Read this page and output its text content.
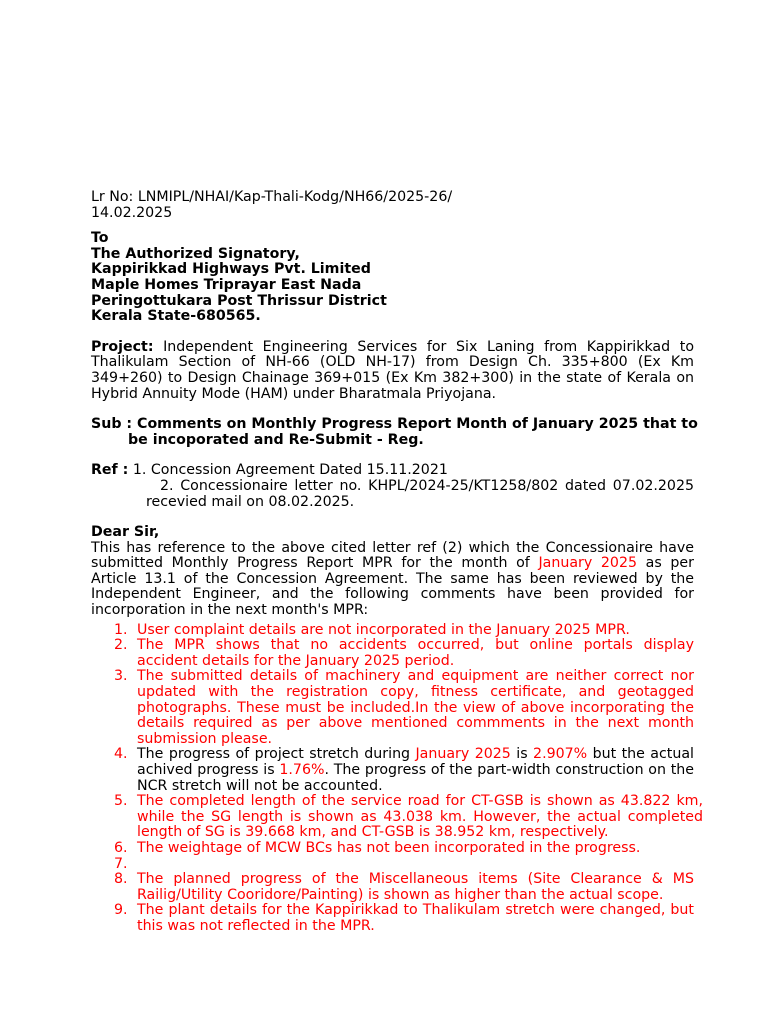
Lr No: LNMIPL/NHAI/Kap-Thali-Kodg/NH66/2025-26/
14.02.2025
To
The Authorized Signatory,
Kappirikkad Highways Pvt. Limited
Maple Homes Triprayar East Nada
Peringottukara Post Thrissur District
Kerala State-680565.
Project: Independent Engineering Services for Six Laning from Kappirikkad to Thalikulam Section of NH-66 (OLD NH-17) from Design Ch. 335+800 (Ex Km 349+260) to Design Chainage 369+015 (Ex Km 382+300) in the state of Kerala on Hybrid Annuity Mode (HAM) under Bharatmala Priyojana.
Sub : Comments on Monthly Progress Report Month of January 2025 that to
be incoporated and Re-Submit - Reg.
Ref : 1. Concession Agreement Dated 15.11.2021
2. Concessionaire letter no. KHPL/2024-25/KT1258/802 dated 07.02.2025
recevied mail on 08.02.2025.
Dear Sir,
This has reference to the above cited letter ref (2) which the Concessionaire have submitted Monthly Progress Report MPR for the month of January 2025 as per Article 13.1 of the Concession Agreement. The same has been reviewed by the Independent Engineer, and the following comments have been provided for incorporation in the next month's MPR:
1. User complaint details are not incorporated in the January 2025 MPR.
2. The MPR shows that no accidents occurred, but online portals display accident details for the January 2025 period.
3. The submitted details of machinery and equipment are neither correct nor updated with the registration copy, fitness certificate, and geotagged photographs. These must be included.In the view of above incorporating the details required as per above mentioned commments in the next month submission please.
4. The progress of project stretch during January 2025 is 2.907% but the actual achived progress is 1.76%. The progress of the part-width construction on the NCR stretch will not be accounted.
5. The completed length of the service road for CT-GSB is shown as 43.822 km, while the SG length is shown as 43.038 km. However, the actual completed length of SG is 39.668 km, and CT-GSB is 38.952 km, respectively.
6. The weightage of MCW BCs has not been incorporated in the progress.
7.

8. The planned progress of the Miscellaneous items (Site Clearance & MS Railig/Utility Cooridore/Painting) is shown as higher than the actual scope.
9. The plant details for the Kappirikkad to Thalikulam stretch were changed, but this was not reflected in the MPR.
